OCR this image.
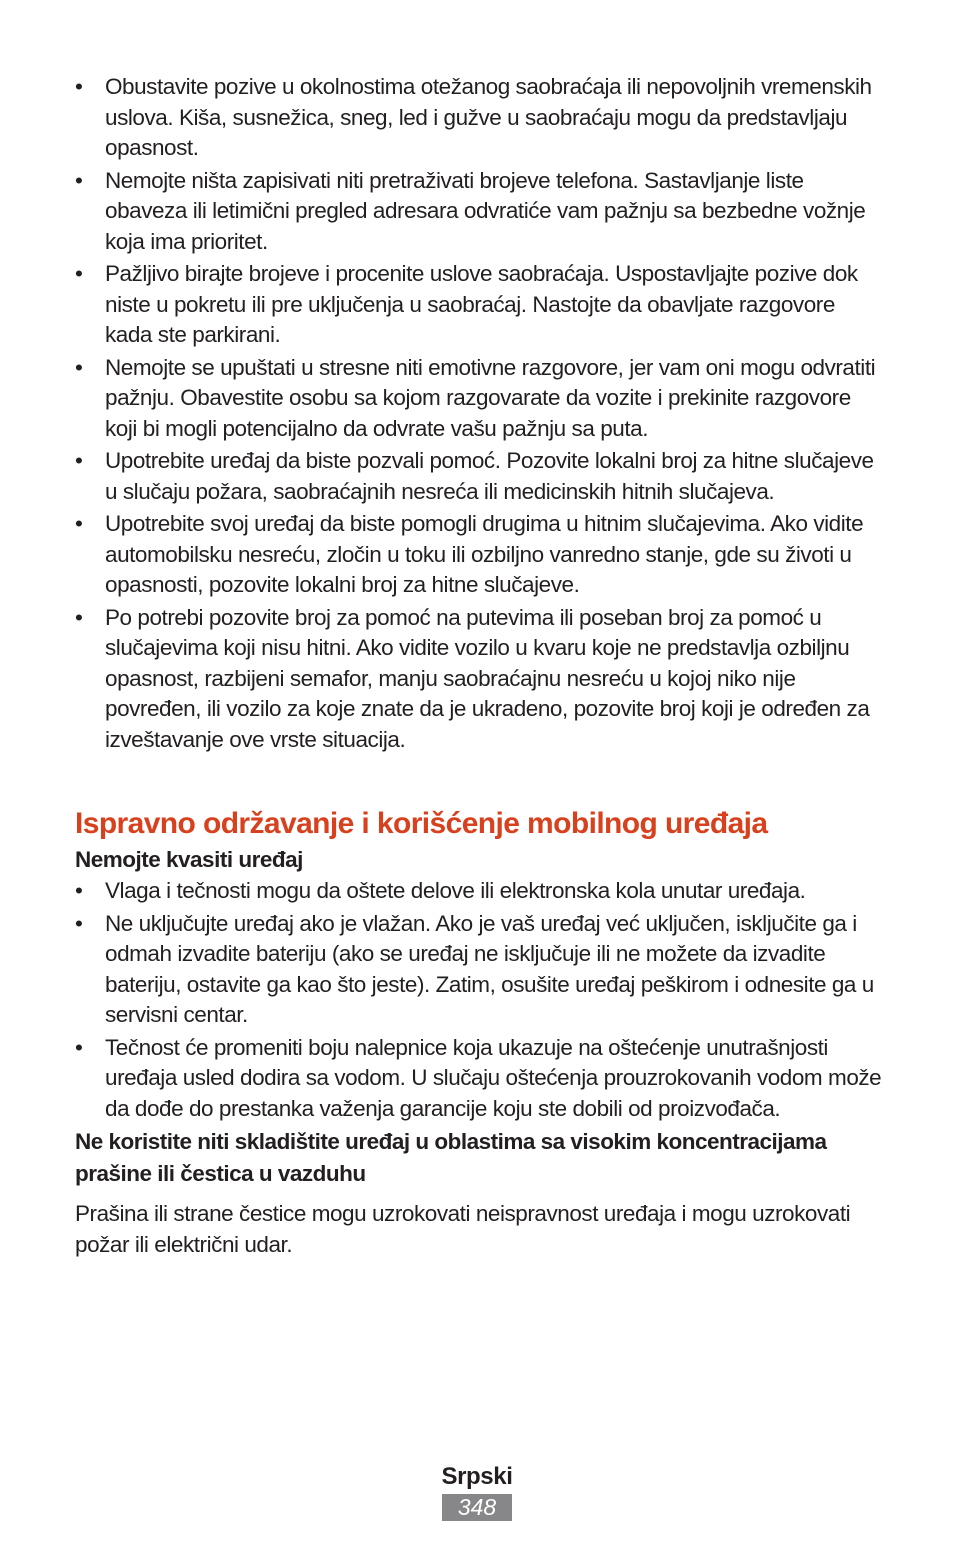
• Obustavite pozive u okolnostima otežanog saobraćaja ili nepovoljnih vremenskih uslova. Kiša, susnežica, sneg, led i gužve u saobraćaju mogu da predstavljaju opasnost.
• Nemojte ništa zapisivati niti pretraživati brojeve telefona. Sastavljanje liste obaveza ili letimični pregled adresara odvratiće vam pažnju sa bezbedne vožnje koja ima prioritet.
• Pažljivo birajte brojeve i procenite uslove saobraćaja. Uspostavljajte pozive dok niste u pokretu ili pre uključenja u saobraćaj. Nastojte da obavljate razgovore kada ste parkirani.
• Nemojte se upuštati u stresne niti emotivne razgovore, jer vam oni mogu odvratiti pažnju. Obavestite osobu sa kojom razgovarate da vozite i prekinite razgovore koji bi mogli potencijalno da odvrate vašu pažnju sa puta.
• Upotrebite uređaj da biste pozvali pomoć. Pozovite lokalni broj za hitne slučajeve u slučaju požara, saobraćajnih nesreća ili medicinskih hitnih slučajeva.
• Upotrebite svoj uređaj da biste pomogli drugima u hitnim slučajevima. Ako vidite automobilsku nesreću, zločin u toku ili ozbiljno vanredno stanje, gde su životi u opasnosti, pozovite lokalni broj za hitne slučajeve.
• Po potrebi pozovite broj za pomoć na putevima ili poseban broj za pomoć u slučajevima koji nisu hitni. Ako vidite vozilo u kvaru koje ne predstavlja ozbiljnu opasnost, razbijeni semafor, manju saobraćajnu nesreću u kojoj niko nije povređen, ili vozilo za koje znate da je ukradeno, pozovite broj koji je određen za izveštavanje ove vrste situacija.
Ispravno održavanje i korišćenje mobilnog uređaja
Nemojte kvasiti uređaj
• Vlaga i tečnosti mogu da oštete delove ili elektronska kola unutar uređaja.
• Ne uključujte uređaj ako je vlažan. Ako je vaš uređaj već uključen, isključite ga i odmah izvadite bateriju (ako se uređaj ne isključuje ili ne možete da izvadite bateriju, ostavite ga kao što jeste). Zatim, osušite uređaj peškirom i odnesite ga u servisni centar.
• Tečnost će promeniti boju nalepnice koja ukazuje na oštećenje unutrašnjosti uređaja usled dodira sa vodom. U slučaju oštećenja prouzrokovanih vodom može da dođe do prestanka važenja garancije koju ste dobili od proizvođača.
Ne koristite niti skladištite uređaj u oblastima sa visokim koncentracijama prašine ili čestica u vazduhu

Prašina ili strane čestice mogu uzrokovati neispravnost uređaja i mogu uzrokovati požar ili električni udar.

Srpski
348
